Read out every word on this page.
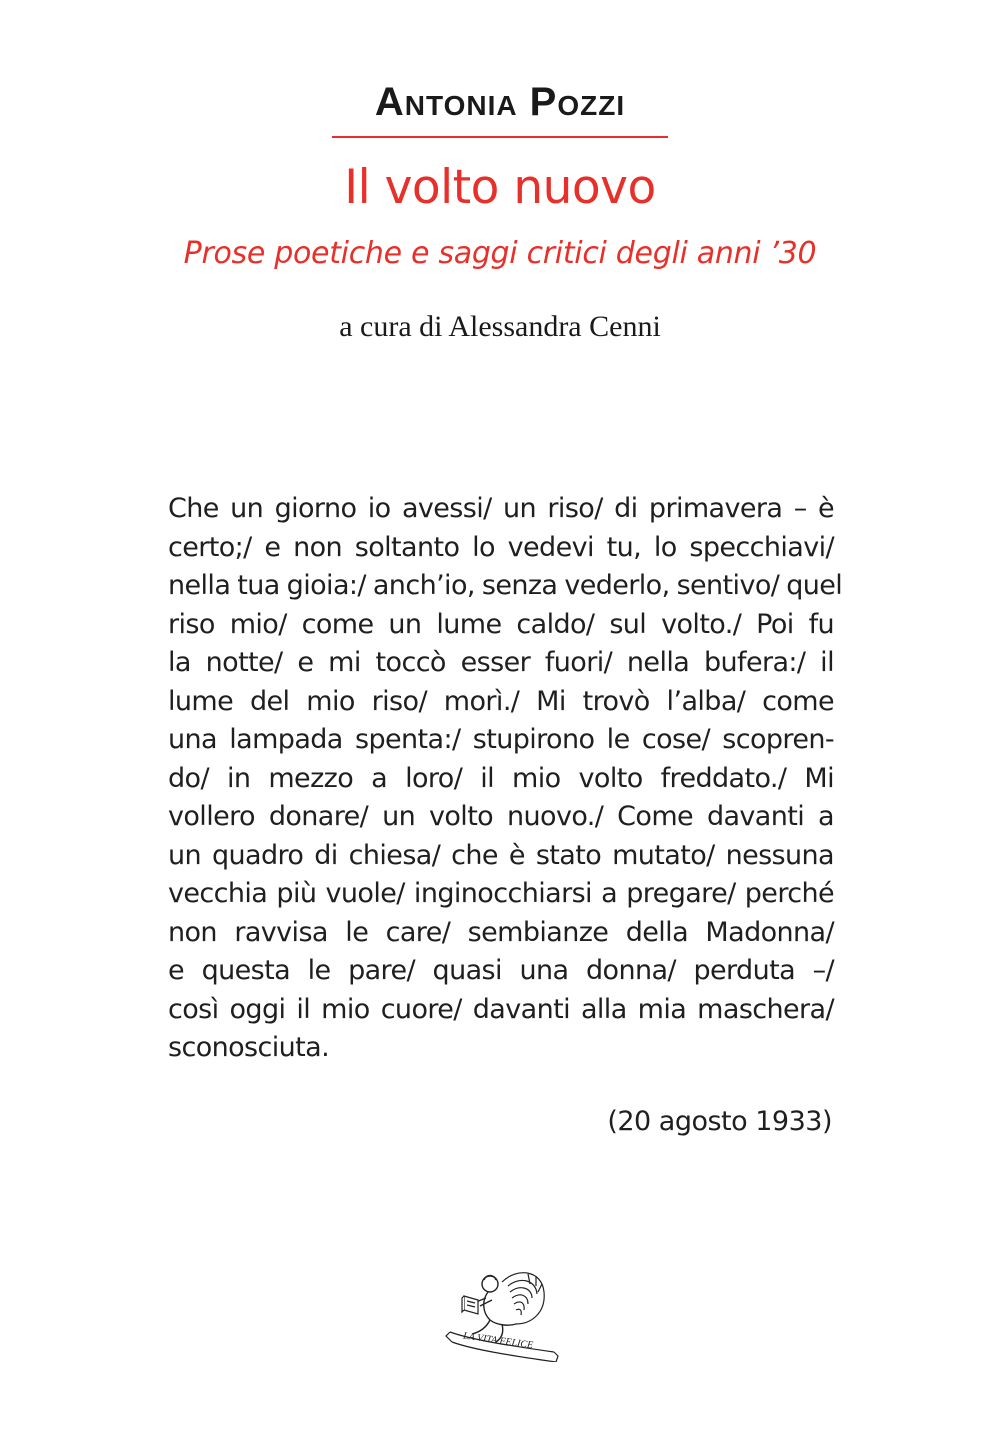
Antonia Pozzi
Il volto nuovo
Prose poetiche e saggi critici degli anni ’30
a cura di Alessandra Cenni
Che un giorno io avessi/ un riso/ di primavera – è
certo;/ e non soltanto lo vedevi tu, lo specchiavi/
nella tua gioia:/ anch’io, senza vederlo, sentivo/ quel
riso mio/ come un lume caldo/ sul volto./ Poi fu
la notte/ e mi toccò esser fuori/ nella bufera:/ il
lume del mio riso/ morì./ Mi trovò l’alba/ come
una lampada spenta:/ stupirono le cose/ scopren-
do/ in mezzo a loro/ il mio volto freddato./ Mi
vollero donare/ un volto nuovo./ Come davanti a
un quadro di chiesa/ che è stato mutato/ nessuna
vecchia più vuole/ inginocchiarsi a pregare/ perché
non ravvisa le care/ sembianze della Madonna/
e questa le pare/ quasi una donna/ perduta –/
così oggi il mio cuore/ davanti alla mia maschera/
sconosciuta.
(20 agosto 1933)
LA VITA FELICE
